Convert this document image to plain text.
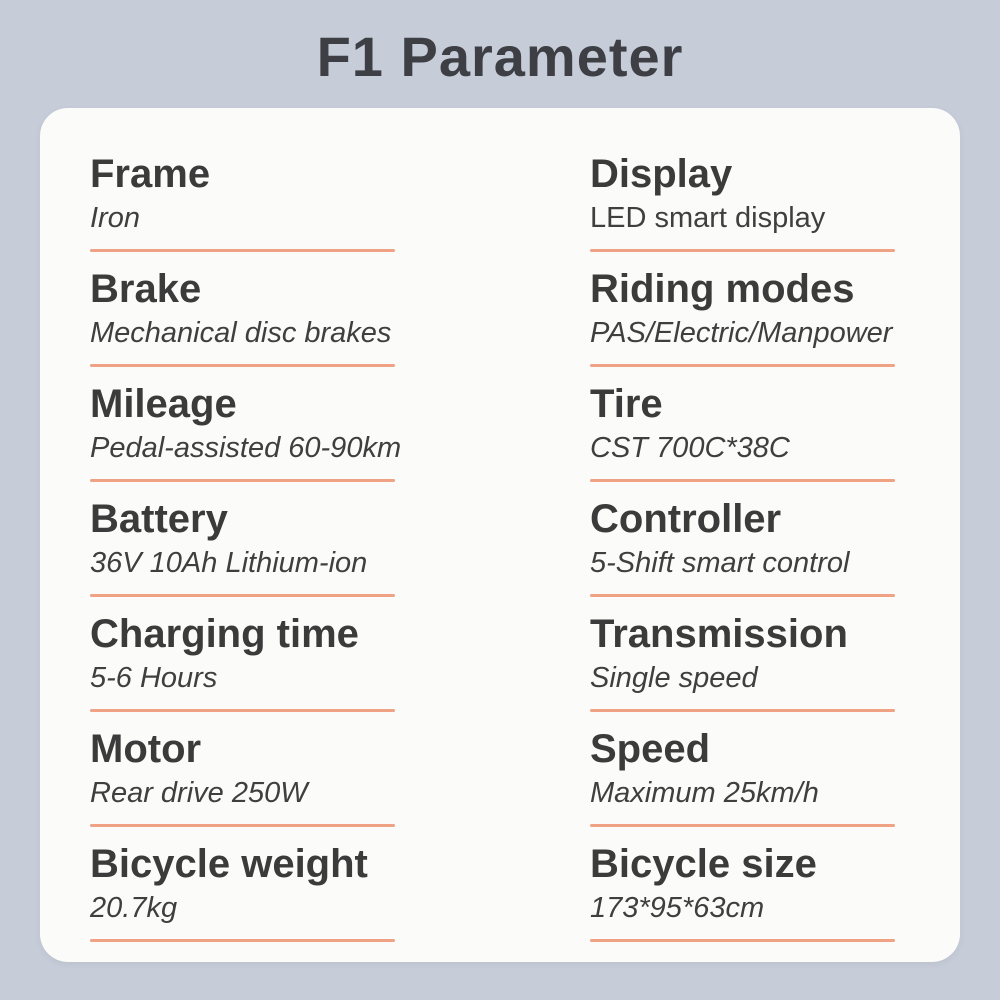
F1 Parameter
Frame
Iron
Brake
Mechanical disc brakes
Mileage
Pedal-assisted 60-90km
Battery
36V 10Ah Lithium-ion
Charging time
5-6 Hours
Motor
Rear drive 250W
Bicycle weight
20.7kg
Display
LED smart display
Riding modes
PAS/Electric/Manpower
Tire
CST 700C*38C
Controller
5-Shift smart control
Transmission
Single speed
Speed
Maximum 25km/h
Bicycle size
173*95*63cm
